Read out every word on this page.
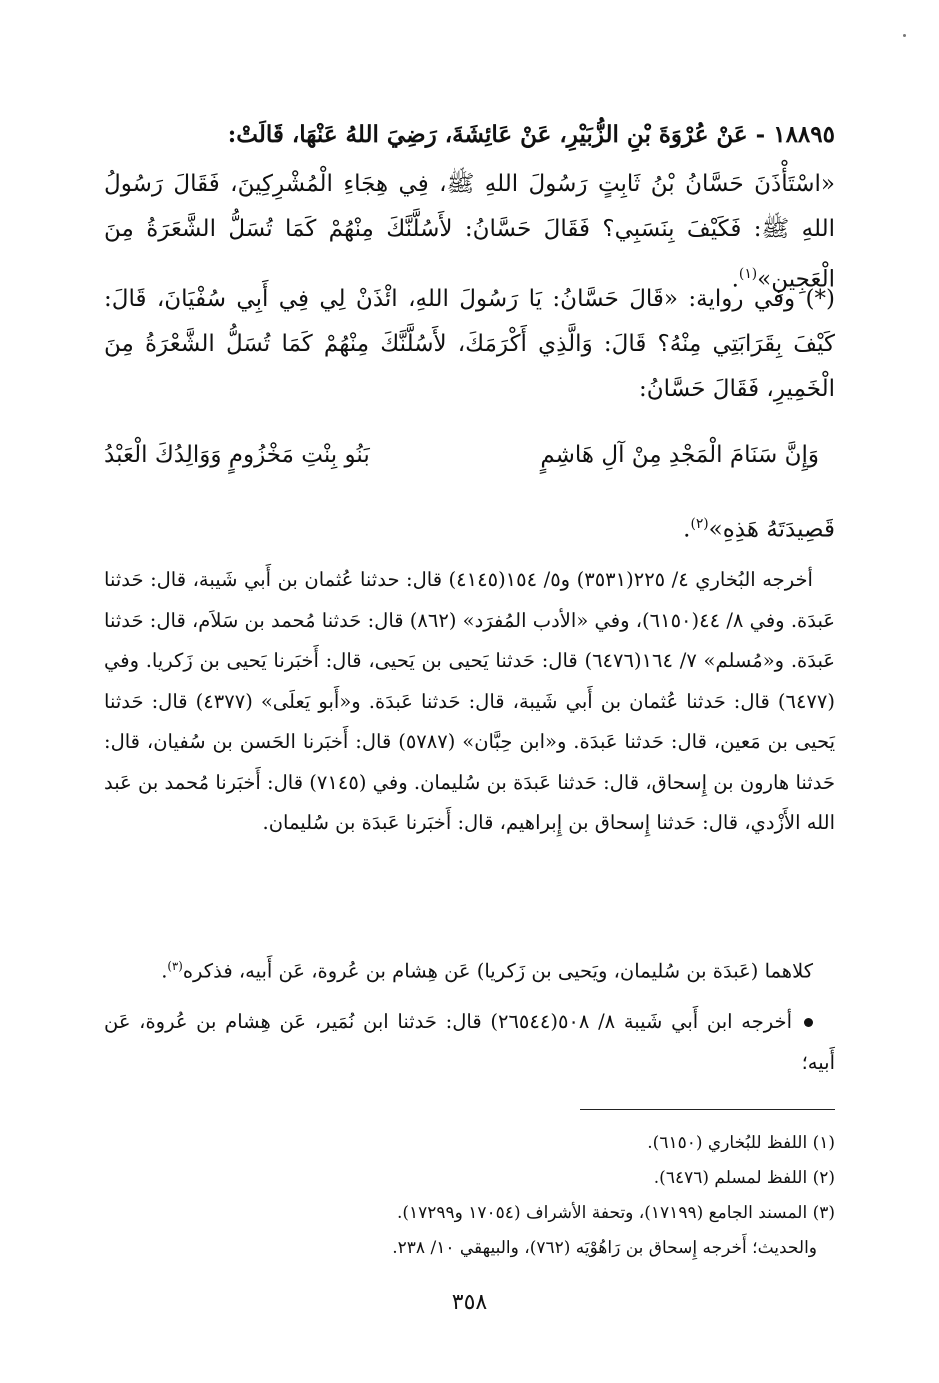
١٨٨٩٥ - عَنْ عُرْوَةَ بْنِ الزُّبَيْرِ، عَنْ عَائِشَةَ، رَضِيَ اللهُ عَنْهَا، قَالَتْ:
«اسْتَأْذَنَ حَسَّانُ بْنُ ثَابِتٍ رَسُولَ اللهِ ﷺ، فِي هِجَاءِ الْمُشْرِكِينَ، فَقَالَ رَسُولُ اللهِ ﷺ: فَكَيْفَ بِنَسَبِي؟ فَقَالَ حَسَّانُ: لأَسُلَّنَّكَ مِنْهُمْ كَمَا تُسَلُّ الشَّعَرَةُ مِنَ الْعَجِينِ»$^{(١)}$.
(*) وفي رواية: «قَالَ حَسَّانُ: يَا رَسُولَ اللهِ، ائْذَنْ لِي فِي أَبِي سُفْيَانَ، قَالَ: كَيْفَ بِقَرَابَتِي مِنْهُ؟ قَالَ: وَالَّذِي أَكْرَمَكَ، لأَسُلَّنَّكَ مِنْهُمْ كَمَا تُسَلُّ الشَّعْرَةُ مِنَ الْخَمِيرِ، فَقَالَ حَسَّانُ:
وَإِنَّ سَنَامَ الْمَجْدِ مِنْ آلِ هَاشِمٍ
بَنُو بِنْتِ مَخْزُومٍ وَوَالِدُكَ الْعَبْدُ
قَصِيدَتَهُ هَذِهِ»$^{(٢)}$.
أخرجه البُخاري ٤/ ٢٢٥(٣٥٣١) و٥/ ١٥٤(٤١٤٥) قال: حدثنا عُثمان بن أَبي شَيبة، قال: حَدثنا عَبدَة. وفي ٨/ ٤٤(٦١٥٠)، وفي «الأدب المُفرَد» (٨٦٢) قال: حَدثنا مُحمد بن سَلاَم، قال: حَدثنا عَبدَة. و«مُسلم» ٧/ ١٦٤(٦٤٧٦) قال: حَدثنا يَحيى بن يَحيى، قال: أَخبَرنا يَحيى بن زَكريا. وفي (٦٤٧٧) قال: حَدثنا عُثمان بن أَبي شَيبة، قال: حَدثنا عَبدَة. و«أَبو يَعلَى» (٤٣٧٧) قال: حَدثنا يَحيى بن مَعين، قال: حَدثنا عَبدَة. و«ابن حِبَّان» (٥٧٨٧) قال: أَخبَرنا الحَسن بن سُفيان، قال: حَدثنا هارون بن إِسحاق، قال: حَدثنا عَبدَة بن سُليمان. وفي (٧١٤٥) قال: أَخبَرنا مُحمد بن عَبد الله الأَزْدي، قال: حَدثنا إِسحاق بن إِبراهيم، قال: أَخبَرنا عَبدَة بن سُليمان.
كلاهما (عَبدَة بن سُليمان، ويَحيى بن زَكريا) عَن هِشام بن عُروة، عَن أَبيه، فذكره$^{(٣)}$.
أخرجه ابن أَبي شَيبة ٨/ ٥٠٨(٢٦٥٤٤) قال: حَدثنا ابن نُمَير، عَن هِشام بن عُروة، عَن أَبيه؛
(١) اللفظ للبُخاري (٦١٥٠).
(٢) اللفظ لمسلم (٦٤٧٦).
(٣) المسند الجامع (١٧١٩٩)، وتحفة الأشراف (١٧٠٥٤ و١٧٢٩٩).
والحديث؛ أَخرجه إِسحاق بن رَاهُوْيَه (٧٦٢)، والبيهقي ١٠/ ٢٣٨.
٣٥٨
